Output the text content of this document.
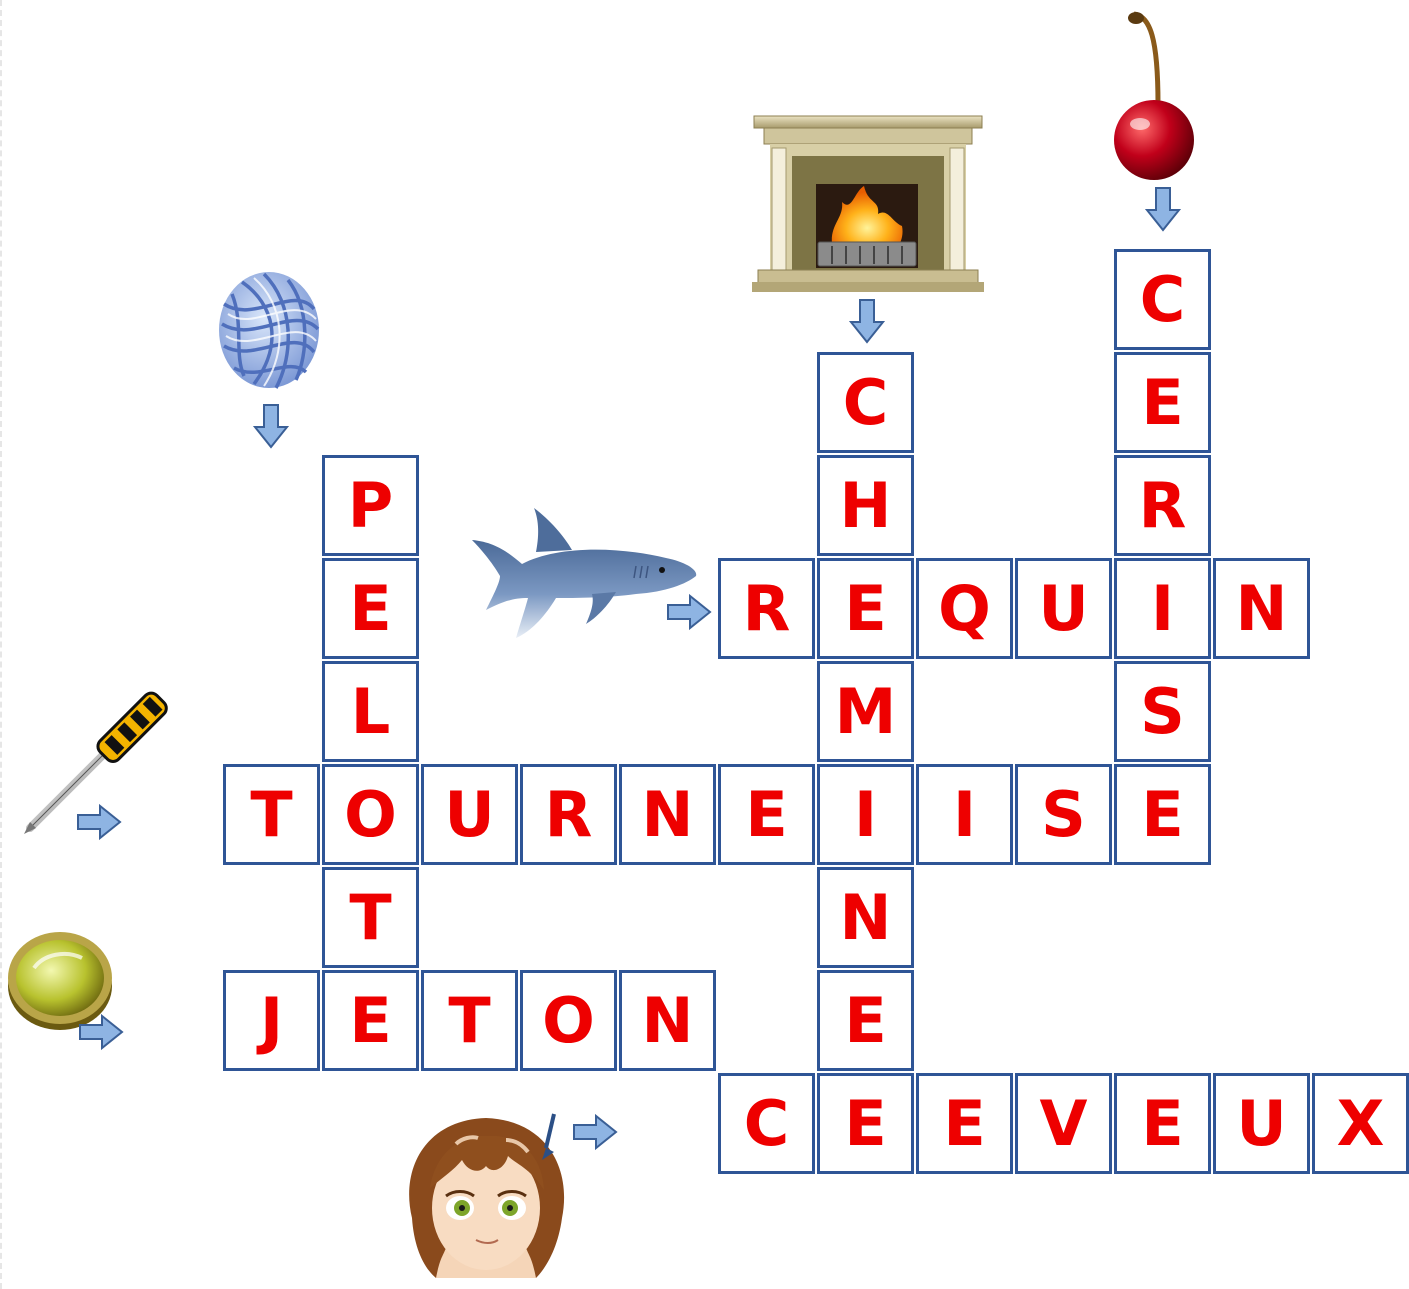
P
E
L
O
T
E
C
H
E
M
I
N
E
E
C
E
R
I
S
E
R	Q U	N
T	U R N E	I	S
J	T O N
C	E V E U X
